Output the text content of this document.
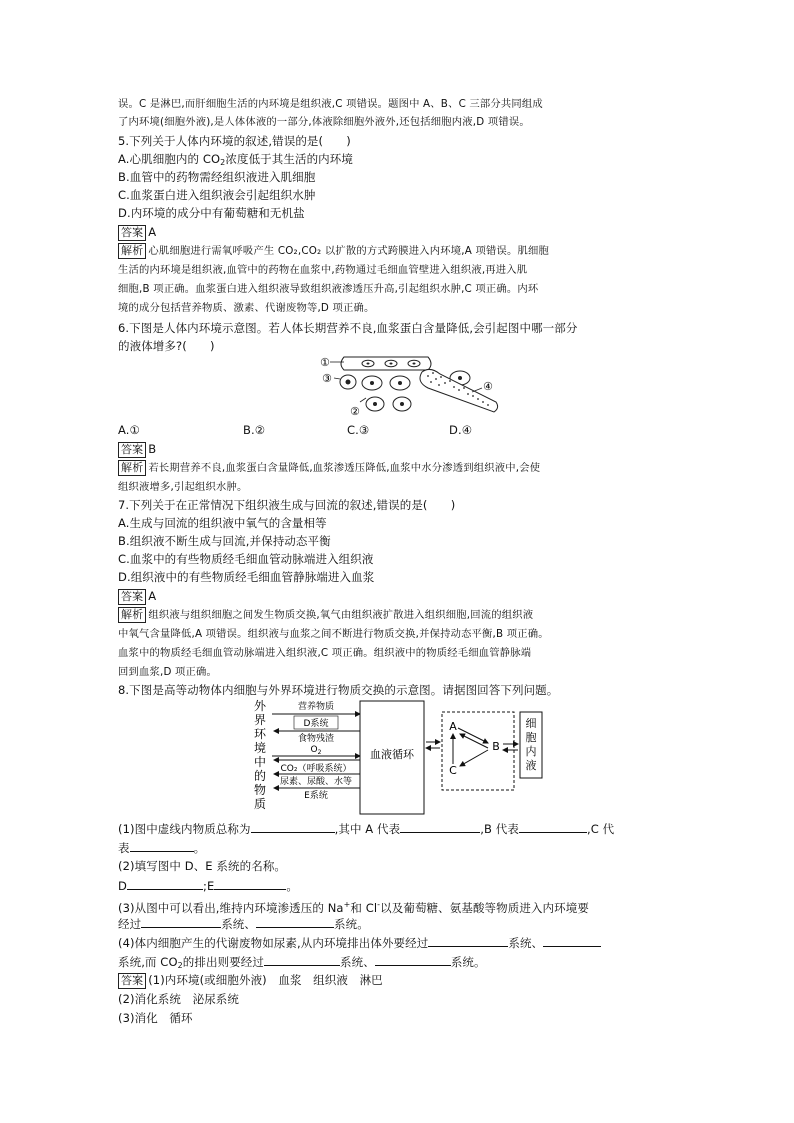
误。C 是淋巴,而肝细胞生活的内环境是组织液,C 项错误。题图中 A、B、C 三部分共同组成
了内环境(细胞外液),是人体体液的一部分,体液除细胞外液外,还包括细胞内液,D 项错误。
5.下列关于人体内环境的叙述,错误的是(　　)
A.心肌细胞内的 $CO_2$浓度低于其生活的内环境
B.血管中的药物需经组织液进入肌细胞
C.血浆蛋白进入组织液会引起组织水肿
D.内环境的成分中有葡萄糖和无机盐
答案 A
解析 心肌细胞进行需氧呼吸产生 CO₂,CO₂ 以扩散的方式跨膜进入内环境,A 项错误。肌细胞
生活的内环境是组织液,血管中的药物在血浆中,药物通过毛细血管壁进入组织液,再进入肌
细胞,B 项正确。血浆蛋白进入组织液导致组织液渗透压升高,引起组织水肿,C 项正确。内环
境的成分包括营养物质、激素、代谢废物等,D 项正确。
6.下图是人体内环境示意图。若人体长期营养不良,血浆蛋白含量降低,会引起图中哪一部分
的液体增多?(　　)
①
③
②
④
A.①	B.②	C.③	D.④
答案 B
解析 若长期营养不良,血浆蛋白含量降低,血浆渗透压降低,血浆中水分渗透到组织液中,会使
组织液增多,引起组织水肿。
7.下列关于在正常情况下组织液生成与回流的叙述,错误的是(　　)
A.生成与回流的组织液中氧气的含量相等
B.组织液不断生成与回流,并保持动态平衡
C.血浆中的有些物质经毛细血管动脉端进入组织液
D.组织液中的有些物质经毛细血管静脉端进入血浆
答案 A
解析 组织液与组织细胞之间发生物质交换,氧气由组织液扩散进入组织细胞,回流的组织液
中氧气含量降低,A 项错误。组织液与血浆之间不断进行物质交换,并保持动态平衡,B 项正确。
血浆中的物质经毛细血管动脉端进入组织液,C 项正确。组织液中的物质经毛细血管静脉端
回到血浆,D 项正确。
8.下图是高等动物体内细胞与外界环境进行物质交换的示意图。请据图回答下列问题。
外
界
环
境
中
的
物
质
营养物质
D系统
食物残渣
$O_2$
CO₂（呼吸系统）
尿素、尿酸、水等
E系统
血液循环
A
B
C
细
胞
内
液
(1)图中虚线内物质总称为	,其中 A 代表	,B 代表	,C 代
表	。
(2)填写图中 D、E 系统的名称。
D	;E	。
(3)从图中可以看出,维持内环境渗透压的 Na+和 Cl-以及葡萄糖、氨基酸等物质进入内环境要
经过	系统、	系统。
(4)体内细胞产生的代谢废物如尿素,从内环境排出体外要经过	系统、
系统,而 $CO_2$的排出则要经过	系统、	系统。
答案 (1)内环境(或细胞外液)　血浆　组织液　淋巴
(2)消化系统　泌尿系统
(3)消化　循环
